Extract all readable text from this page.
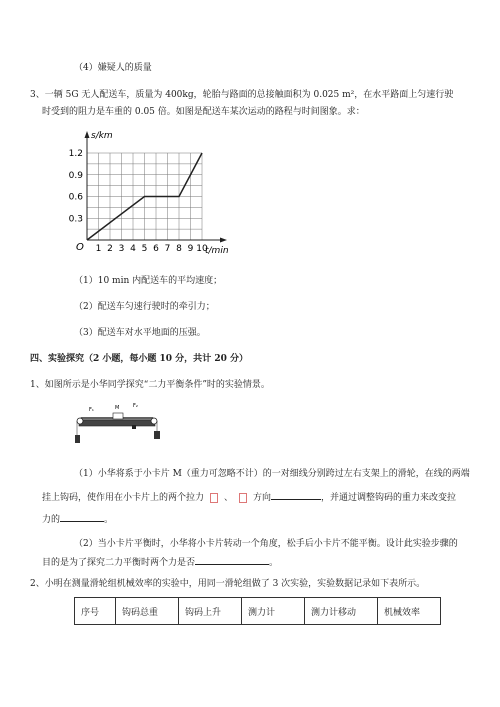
（4）嫌疑人的质量
3、一辆 5G 无人配送车，质量为 400kg，轮胎与路面的总接触面积为 0.025 m²，在水平路面上匀速行驶
时受到的阻力是车重的 0.05 倍。如图是配送车某次运动的路程与时间图象。求：
s/km
t/min
O 1 2 3 4 5 6 7 8 9 10
0.3
0.6
0.9
1.2
（1）10 min 内配送车的平均速度；
（2）配送车匀速行驶时的牵引力；
（3）配送车对水平地面的压强。
四、实验探究（2 小题，每小题 10 分，共计 20 分）
1、如图所示是小华同学探究“二力平衡条件”时的实验情景。
F₁	M	F₂
（1）小华将系于小卡片 M（重力可忽略不计）的一对细线分别跨过左右支架上的滑轮，在线的两端
挂上钩码，使作用在小卡片上的两个拉力 、 方向	，并通过调整钩码的重力来改变拉
力的	。
（2）当小卡片平衡时，小华将小卡片转动一个角度，松手后小卡片不能平衡。设计此实验步骤的
目的是为了探究二力平衡时两个力是否	。
2、小明在测量滑轮组机械效率的实验中，用同一滑轮组做了 3 次实验，实验数据记录如下表所示。
序号	钩码总重	钩码上升	测力计	测力计移动	机械效率
